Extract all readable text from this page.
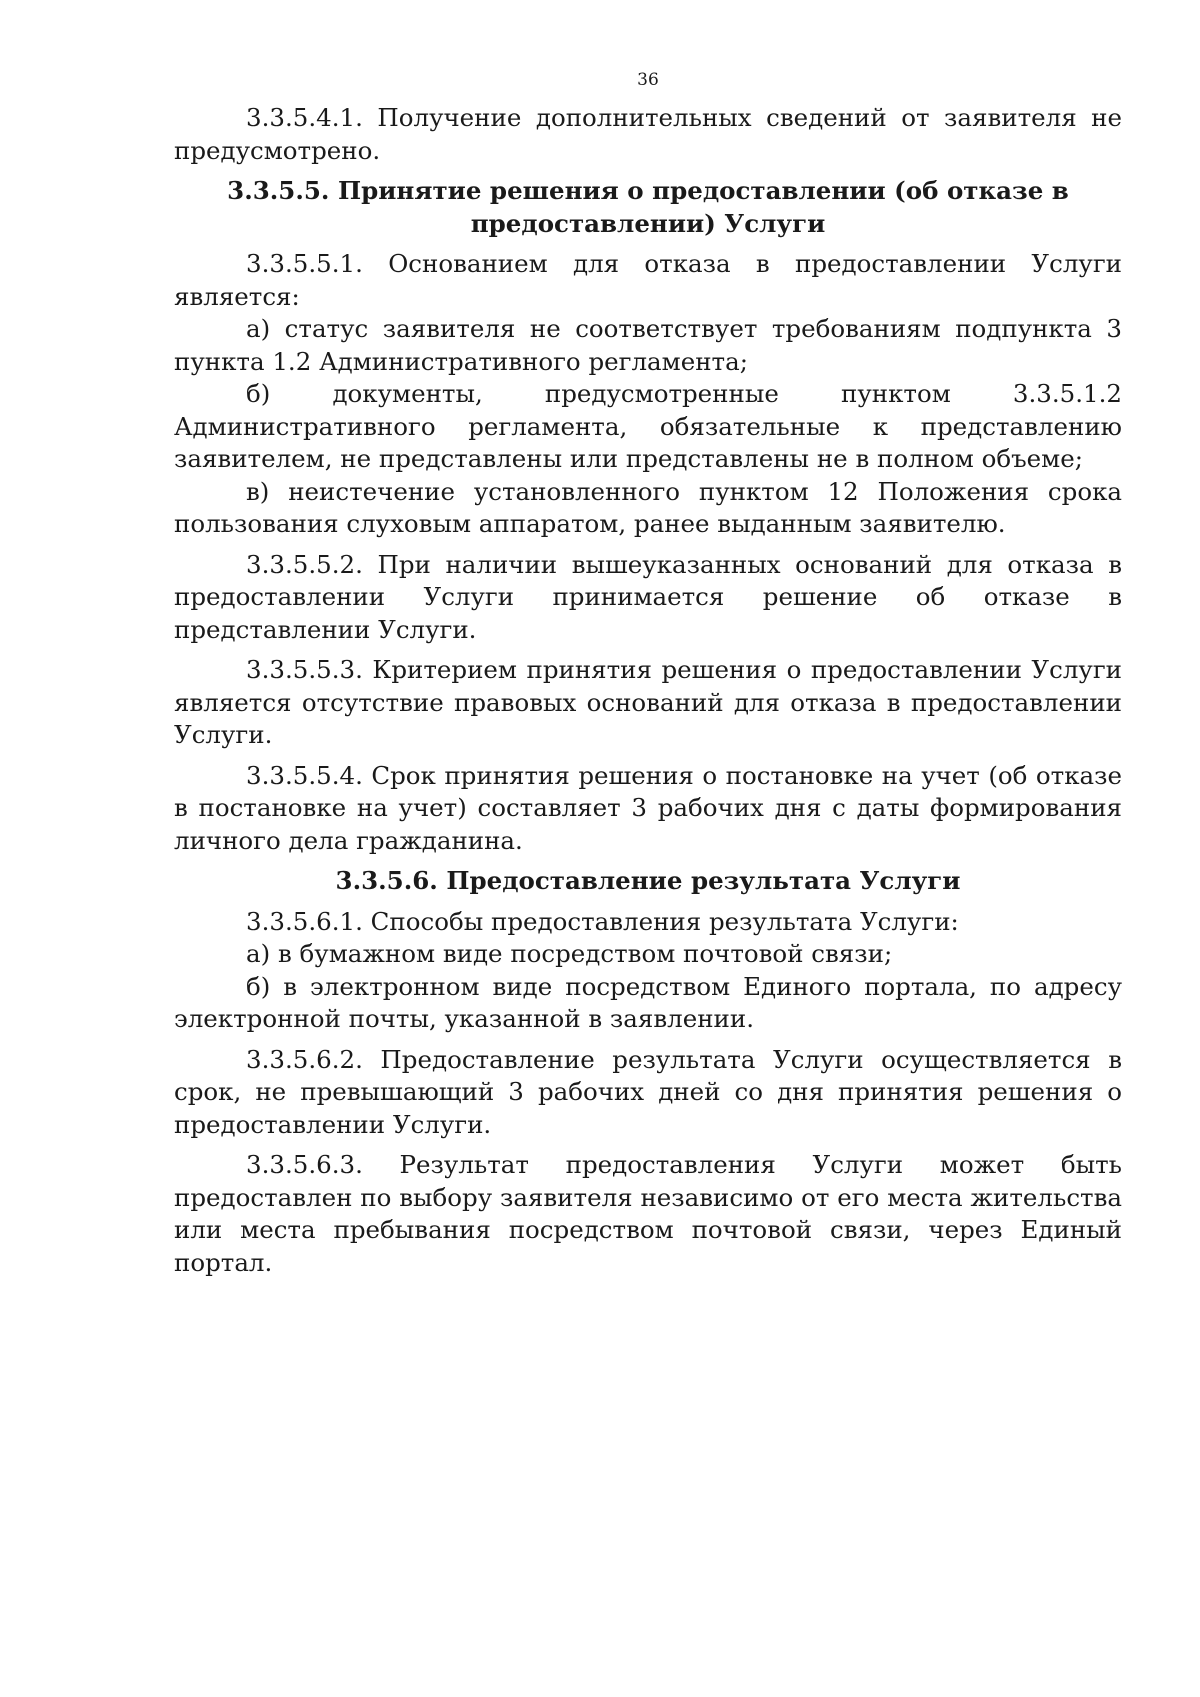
36

3.3.5.4.1. Получение дополнительных сведений от заявителя не предусмотрено.

3.3.5.5. Принятие решения о предоставлении (об отказе в
предоставлении) Услуги

3.3.5.5.1. Основанием для отказа в предоставлении Услуги является:

а) статус заявителя не соответствует требованиям подпункта 3 пункта 1.2 Административного регламента;

б) документы, предусмотренные пунктом 3.3.5.1.2 Административного регламента, обязательные к представлению заявителем, не представлены или представлены не в полном объеме;

в) неистечение установленного пунктом 12 Положения срока пользования слуховым аппаратом, ранее выданным заявителю.

3.3.5.5.2. При наличии вышеуказанных оснований для отказа в предоставлении Услуги принимается решение об отказе в представлении Услуги.

3.3.5.5.3. Критерием принятия решения о предоставлении Услуги является отсутствие правовых оснований для отказа в предоставлении Услуги.

3.3.5.5.4. Срок принятия решения о постановке на учет (об отказе в постановке на учет) составляет 3 рабочих дня с даты формирования личного дела гражданина.

3.3.5.6. Предоставление результата Услуги

3.3.5.6.1. Способы предоставления результата Услуги:

а) в бумажном виде посредством почтовой связи;

б) в электронном виде посредством Единого портала, по адресу электронной почты, указанной в заявлении.

3.3.5.6.2. Предоставление результата Услуги осуществляется в срок, не превышающий 3 рабочих дней со дня принятия решения о предоставлении Услуги.

3.3.5.6.3. Результат предоставления Услуги может быть предоставлен по выбору заявителя независимо от его места жительства или места пребывания посредством почтовой связи, через Единый портал.
